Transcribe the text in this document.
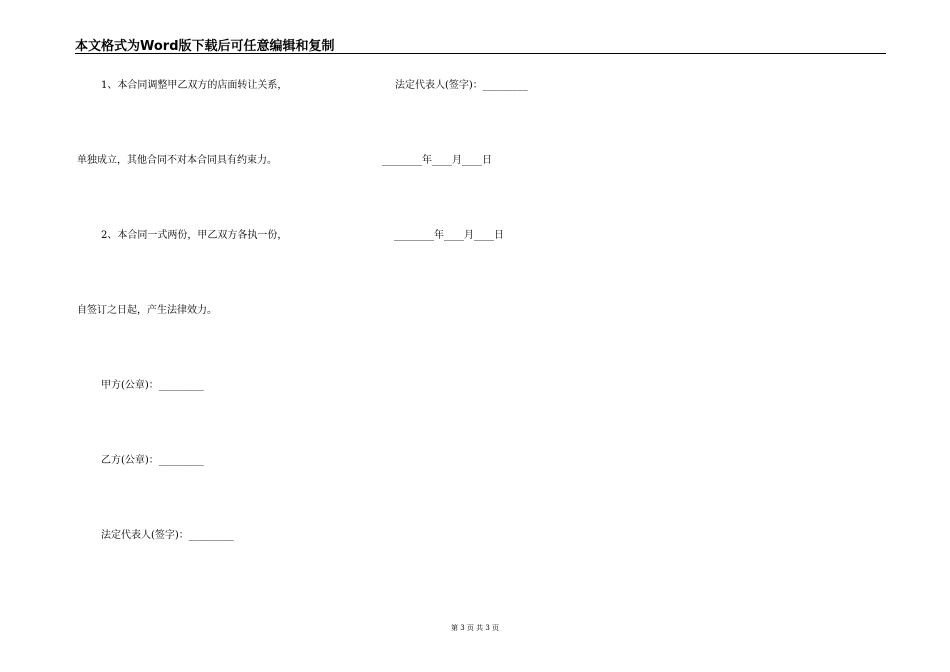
本文格式为Word版下载后可任意编辑和复制
1、本合同调整甲乙双方的店面转让关系，	法定代表人(签字)：_________
单独成立，其他合同不对本合同具有约束力。	________年____月____日
2、本合同一式两份，甲乙双方各执一份，	________年____月____日
自签订之日起，产生法律效力。
甲方(公章)：_________
乙方(公章)：_________
法定代表人(签字)：_________
第 3 页 共 3 页
